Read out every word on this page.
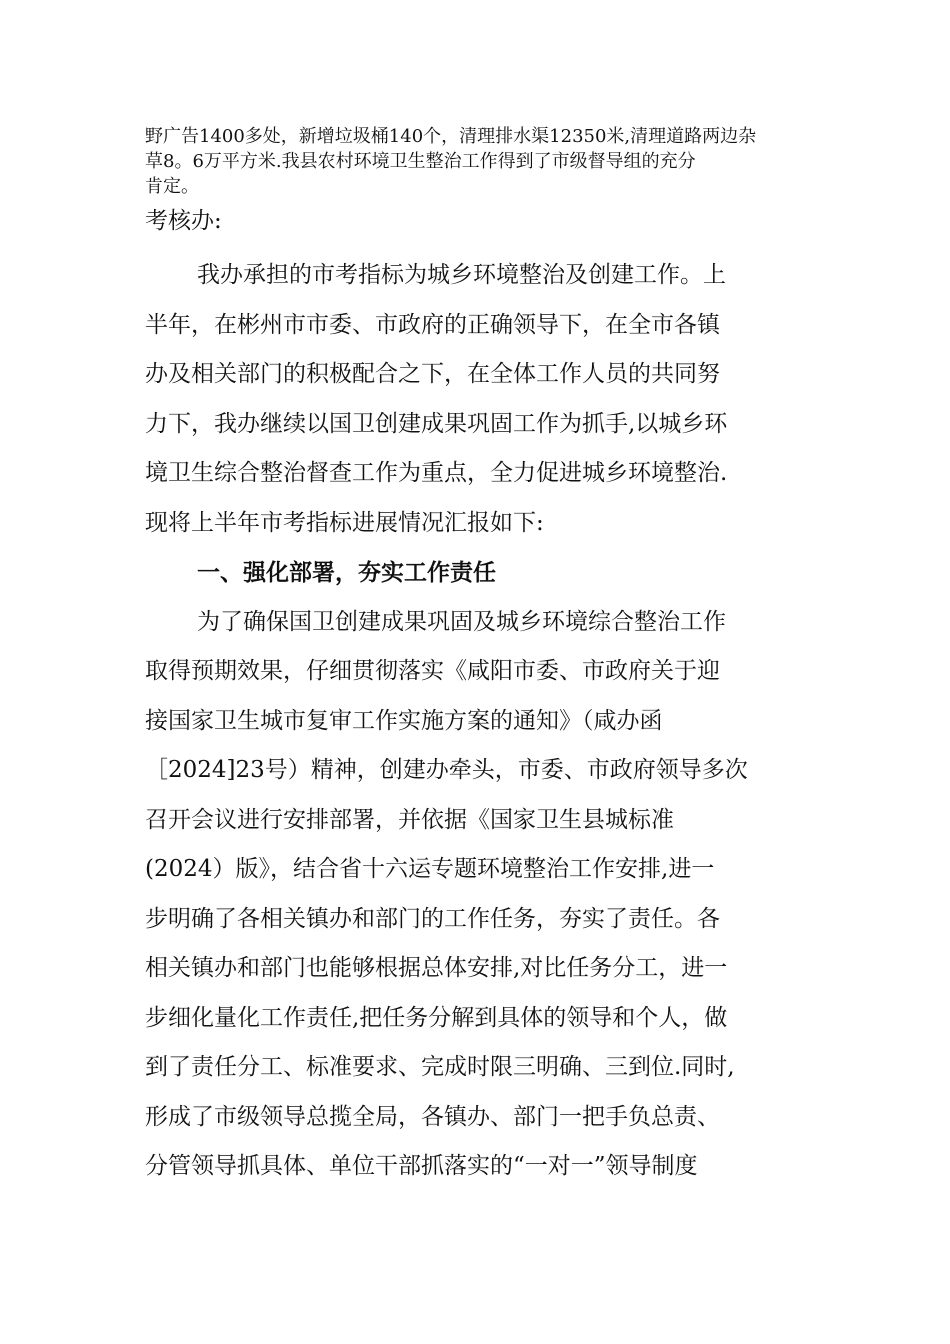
野广告1400多处，新增垃圾桶140个，清理排水渠12350米,清理道路两边杂
草8。6万平方米.我县农村环境卫生整治工作得到了市级督导组的充分
肯定。
考核办:
我办承担的市考指标为城乡环境整治及创建工作。上
半年，在彬州市市委、市政府的正确领导下，在全市各镇
办及相关部门的积极配合之下，在全体工作人员的共同努
力下，我办继续以国卫创建成果巩固工作为抓手,以城乡环
境卫生综合整治督查工作为重点，全力促进城乡环境整治.
现将上半年市考指标进展情况汇报如下:
一、强化部署，夯实工作责任
为了确保国卫创建成果巩固及城乡环境综合整治工作
取得预期效果，仔细贯彻落实《咸阳市委、市政府关于迎
接国家卫生城市复审工作实施方案的通知》（咸办函
［2024]23号）精神，创建办牵头，市委、市政府领导多次
召开会议进行安排部署，并依据《国家卫生县城标准
(2024）版》，结合省十六运专题环境整治工作安排,进一
步明确了各相关镇办和部门的工作任务，夯实了责任。各
相关镇办和部门也能够根据总体安排,对比任务分工，进一
步细化量化工作责任,把任务分解到具体的领导和个人，做
到了责任分工、标准要求、完成时限三明确、三到位.同时,
形成了市级领导总揽全局，各镇办、部门一把手负总责、
分管领导抓具体、单位干部抓落实的“一对一”领导制度
